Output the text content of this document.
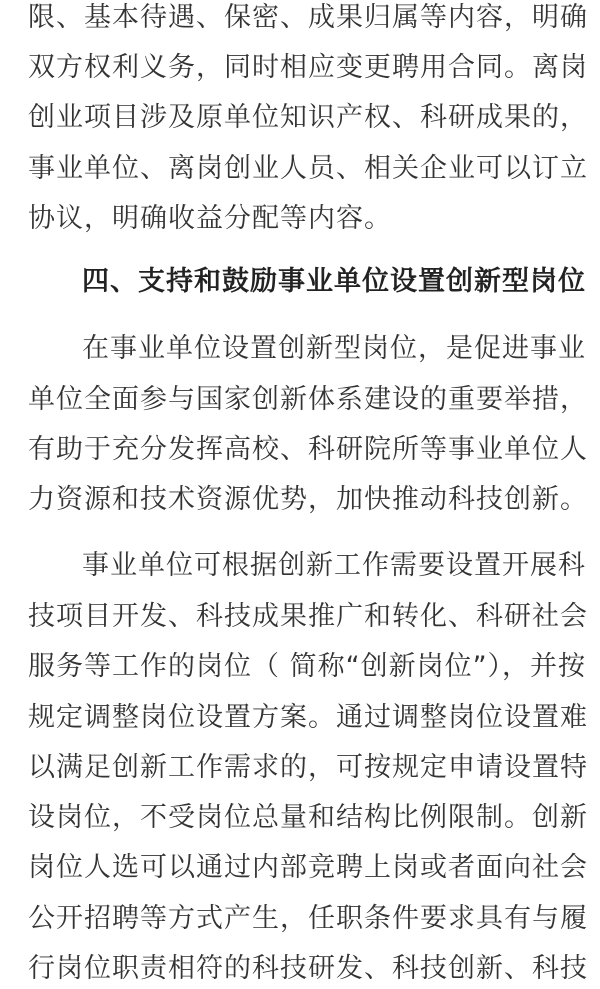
限、基本待遇、保密、成果归属等内容，明确
双方权利义务，同时相应变更聘用合同。离岗
创业项目涉及原单位知识产权、科研成果的，
事业单位、离岗创业人员、相关企业可以订立
协议，明确收益分配等内容。
四、支持和鼓励事业单位设置创新型岗位
在事业单位设置创新型岗位，是促进事业
单位全面参与国家创新体系建设的重要举措，
有助于充分发挥高校、科研院所等事业单位人
力资源和技术资源优势，加快推动科技创新。
事业单位可根据创新工作需要设置开展科
技项目开发、科技成果推广和转化、科研社会
服务等工作的岗位（ 简称“创新岗位”），并按
规定调整岗位设置方案。通过调整岗位设置难
以满足创新工作需求的，可按规定申请设置特
设岗位，不受岗位总量和结构比例限制。创新
岗位人选可以通过内部竞聘上岗或者面向社会
公开招聘等方式产生，任职条件要求具有与履
行岗位职责相符的科技研发、科技创新、科技
